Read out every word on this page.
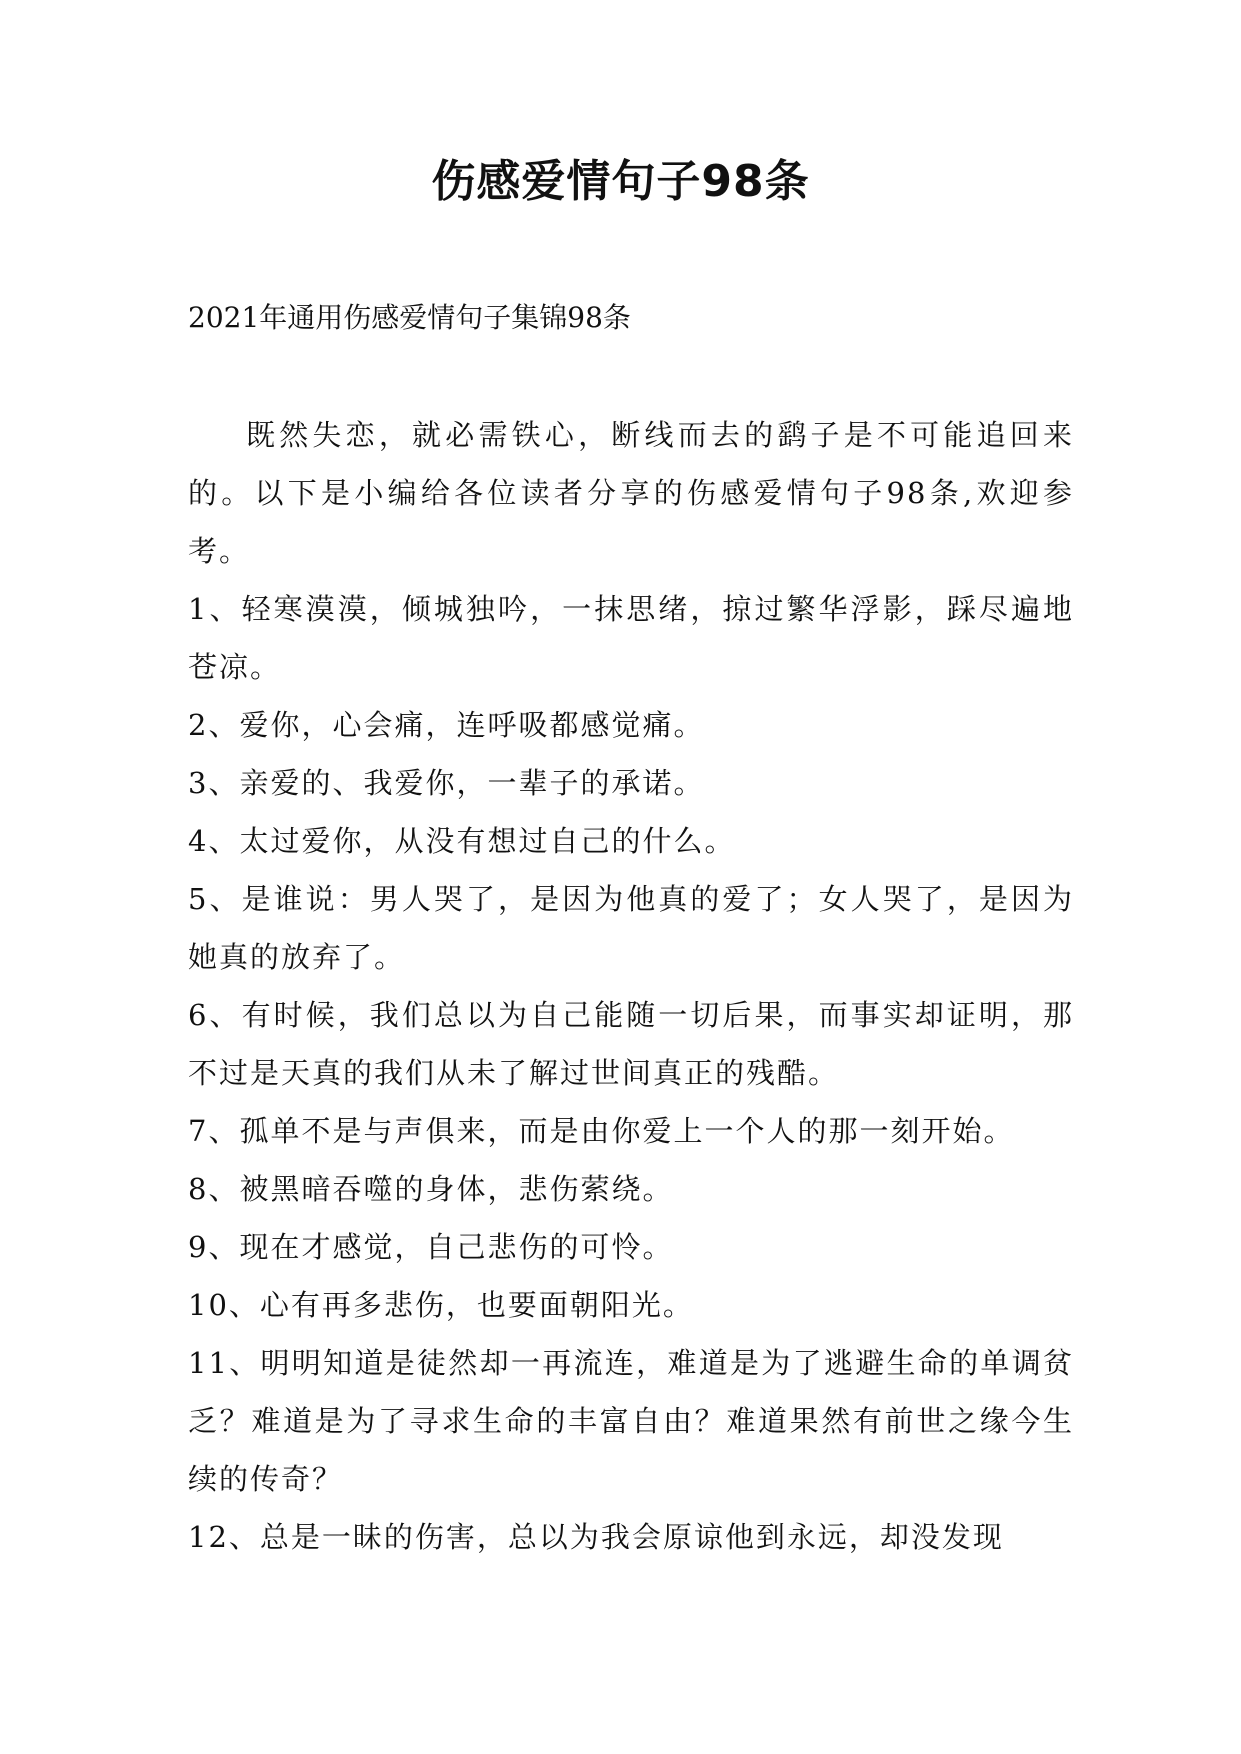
伤感爱情句子98条

2021年通用伤感爱情句子集锦98条

既然失恋，就必需铁心，断线而去的鹞子是不可能追回来的。以下是小编给各位读者分享的伤感爱情句子98条,欢迎参考。

1、轻寒漠漠，倾城独吟，一抹思绪，掠过繁华浮影，踩尽遍地苍凉。

2、爱你，心会痛，连呼吸都感觉痛。

3、亲爱的、我爱你，一辈子的承诺。

4、太过爱你，从没有想过自己的什么。

5、是谁说：男人哭了，是因为他真的爱了；女人哭了，是因为她真的放弃了。

6、有时候，我们总以为自己能随一切后果，而事实却证明，那不过是天真的我们从未了解过世间真正的残酷。

7、孤单不是与声俱来，而是由你爱上一个人的那一刻开始。

8、被黑暗吞噬的身体，悲伤萦绕。

9、现在才感觉，自己悲伤的可怜。

10、心有再多悲伤，也要面朝阳光。

11、明明知道是徒然却一再流连，难道是为了逃避生命的单调贫乏？难道是为了寻求生命的丰富自由？难道果然有前世之缘今生续的传奇？

12、总是一昧的伤害，总以为我会原谅他到永远，却没发现
